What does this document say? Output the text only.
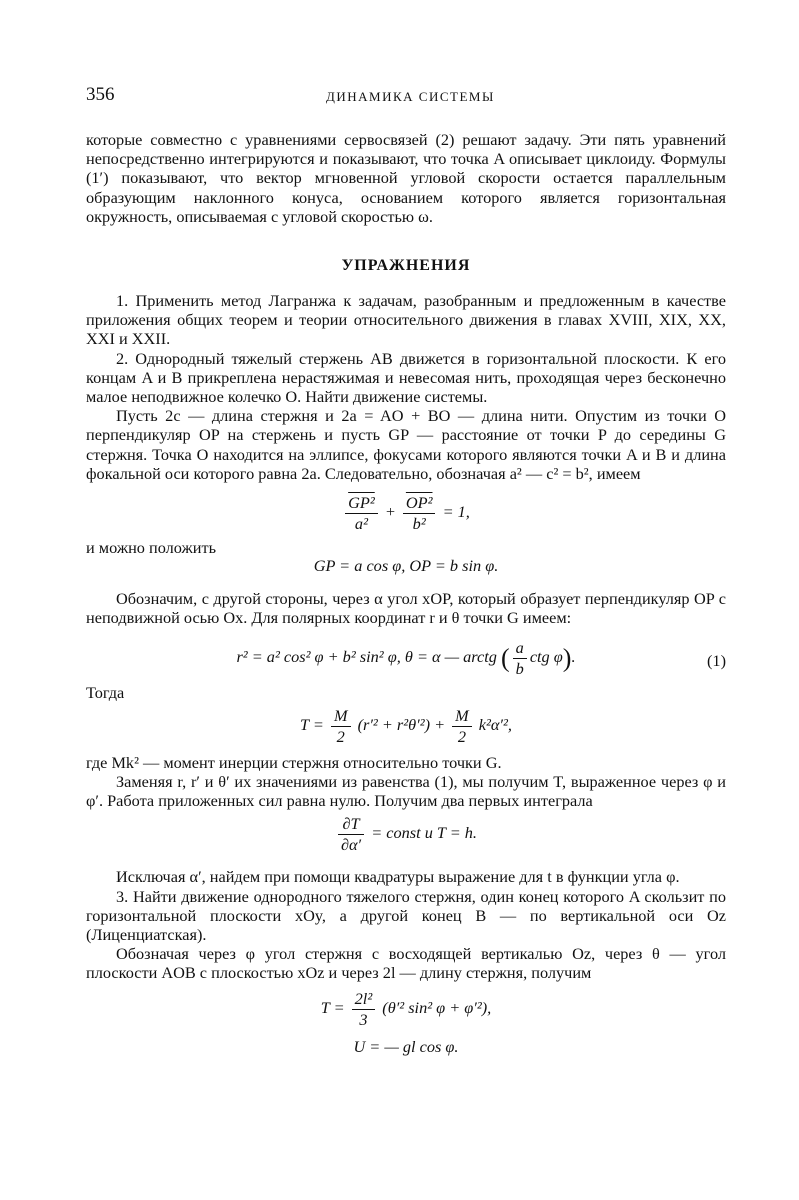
356	ДИНАМИКА СИСТЕМЫ

которые совместно с уравнениями сервосвязей (2) решают задачу. Эти пять уравнений непосредственно интегрируются и показывают, что точка A описывает циклоиду. Формулы (1′) показывают, что вектор мгновенной угловой скорости остается параллельным образующим наклонного конуса, основанием которого является горизонтальная окружность, описываемая с угловой скоростью ω.

УПРАЖНЕНИЯ

1. Применить метод Лагранжа к задачам, разобранным и предложенным в качестве приложения общих теорем и теории относительного движения в главах XVIII, XIX, XX, XXI и XXII.

2. Однородный тяжелый стержень AB движется в горизонтальной плоскости. К его концам A и B прикреплена нерастяжимая и невесомая нить, проходящая через бесконечно малое неподвижное колечко O. Найти движение системы.

Пусть 2c — длина стержня и 2a = AO + BO — длина нити. Опустим из точки O перпендикуляр OP на стержень и пусть GP — расстояние от точки P до середины G стержня. Точка O находится на эллипсе, фокусами которого являются точки A и B и длина фокальной оси которого равна 2a. Следовательно, обозначая a² — c² = b², имеем

$\frac{\text{GP²}}{\text{a²}} + \frac{\text{OP²}}{\text{b²}} = 1$,
и можно положить
GP = a cos φ, OP = b sin φ.

Обозначим, с другой стороны, через α угол xOP, который образует перпендикуляр OP с неподвижной осью Ox. Для полярных координат r и θ точки G имеем:

r² = a² cos² φ + b² sin² φ, θ = α — arctg ( $\frac{a}{b}$ ctg φ).	(1)
Тогда
$T = \frac{M}{2} (r'^2 + r^2\theta'^2) + \frac{M}{2} k^2\alpha'^2$,

где Mk² — момент инерции стержня относительно точки G.

Заменяя r, r′ и θ′ их значениями из равенства (1), мы получим T, выраженное через φ и φ′. Работа приложенных сил равна нулю. Получим два первых интеграла

$\frac{\partial T}{\partial\alpha'}$ = const и T = h.

Исключая α′, найдем при помощи квадратуры выражение для t в функции угла φ.

3. Найти движение однородного тяжелого стержня, один конец которого A скользит по горизонтальной плоскости xOy, а другой конец B — по вертикальной оси Oz (Лиценциатская).

Обозначая через φ угол стержня с восходящей вертикалью Oz, через θ — угол плоскости AOB с плоскостью xOz и через 2l — длину стержня, получим

$T = \frac{\text{2l²}}{3} (\theta'^2$ sin² φ + φ′²),
U = — gl cos φ.
